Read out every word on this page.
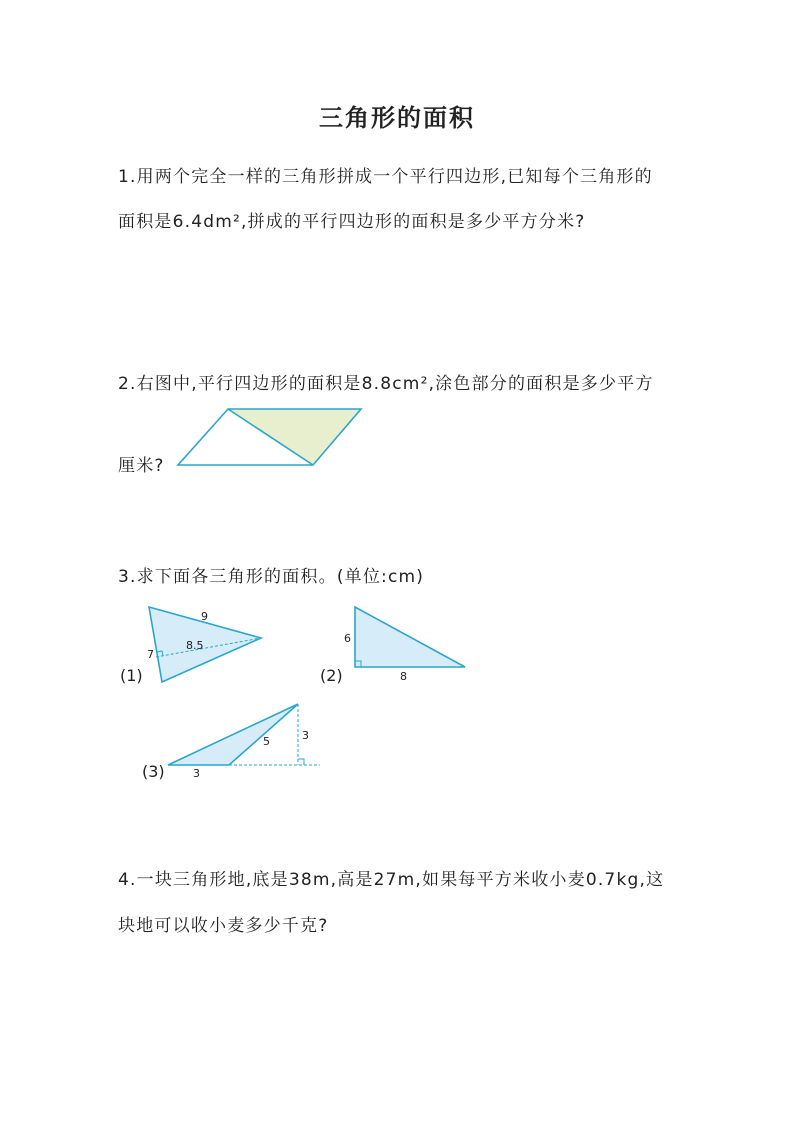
三角形的面积
1.用两个完全一样的三角形拼成一个平行四边形,已知每个三角形的
面积是6.4dm²,拼成的平行四边形的面积是多少平方分米?
2.右图中,平行四边形的面积是8.8cm²,涂色部分的面积是多少平方
厘米?
3.求下面各三角形的面积。(单位:cm)
(1)
9
8.5
7
(2)
6
8
(3)	3
5	3
4.一块三角形地,底是38m,高是27m,如果每平方米收小麦0.7kg,这
块地可以收小麦多少千克?
